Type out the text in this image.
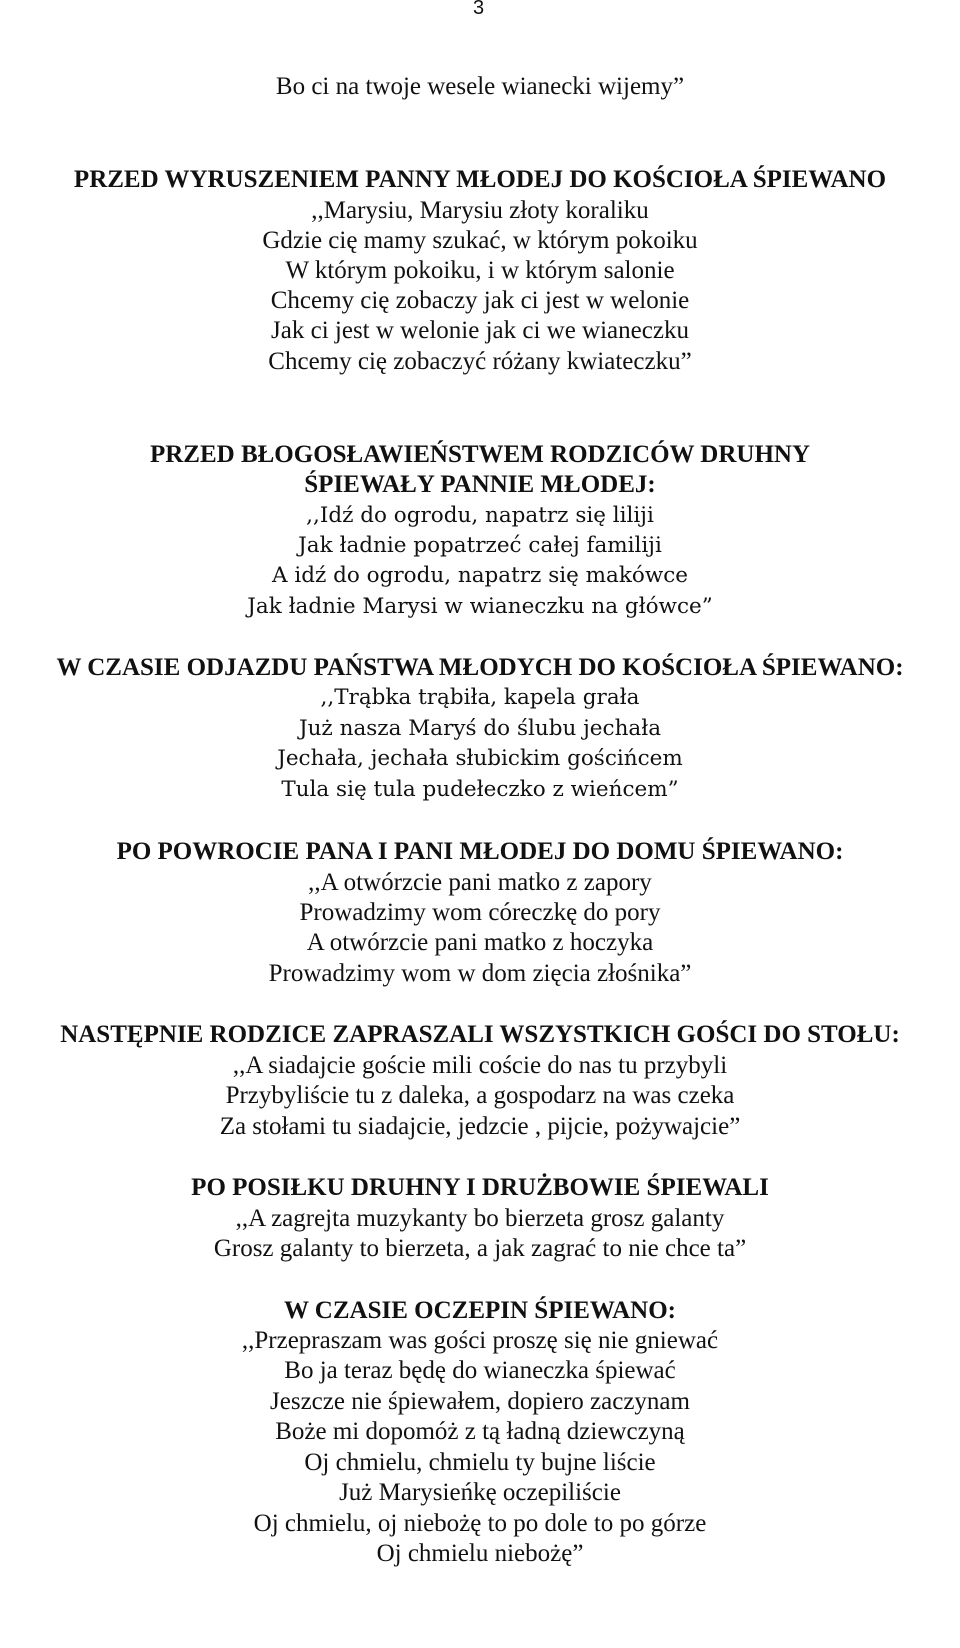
3
Bo ci na twoje wesele wianecki wijemy”
PRZED WYRUSZENIEM PANNY MŁODEJ DO KOŚCIOŁA ŚPIEWANO
,,Marysiu, Marysiu złoty koraliku
Gdzie cię mamy szukać, w którym pokoiku
W którym pokoiku, i w którym salonie
Chcemy cię zobaczy jak ci jest w welonie
Jak ci jest w welonie jak ci we wianeczku
Chcemy cię zobaczyć różany kwiateczku”
PRZED BŁOGOSŁAWIEŃSTWEM RODZICÓW DRUHNY
ŚPIEWAŁY PANNIE MŁODEJ:
,,Idź do ogrodu, napatrz się liliji
Jak ładnie popatrzeć całej familiji
A idź do ogrodu, napatrz się makówce
Jak ładnie Marysi w wianeczku na główce”
W CZASIE ODJAZDU PAŃSTWA MŁODYCH DO KOŚCIOŁA ŚPIEWANO:
,,Trąbka trąbiła, kapela grała
Już nasza Maryś do ślubu jechała
Jechała, jechała słubickim gościńcem
Tula się tula pudełeczko z wieńcem”
PO POWROCIE PANA I PANI MŁODEJ DO DOMU ŚPIEWANO:
,,A otwórzcie pani matko z zapory
Prowadzimy wom córeczkę do pory
A otwórzcie pani matko z hoczyka
Prowadzimy wom w dom zięcia złośnika”
NASTĘPNIE RODZICE ZAPRASZALI WSZYSTKICH GOŚCI DO STOŁU:
,,A siadajcie goście mili coście do nas tu przybyli
Przybyliście tu z daleka, a gospodarz na was czeka
Za stołami tu siadajcie, jedzcie , pijcie, pożywajcie”
PO POSIŁKU DRUHNY I DRUŻBOWIE ŚPIEWALI
,,A zagrejta muzykanty bo bierzeta grosz galanty
Grosz galanty to bierzeta, a jak zagrać to nie chce ta”
W CZASIE OCZEPIN ŚPIEWANO:
,,Przepraszam was gości proszę się nie gniewać
Bo ja teraz będę do wianeczka śpiewać
Jeszcze nie śpiewałem, dopiero zaczynam
Boże mi dopomóż z tą ładną dziewczyną
Oj chmielu, chmielu ty bujne liście
Już Marysieńkę oczepiliście
Oj chmielu, oj niebożę to po dole to po górze
Oj chmielu niebożę”
